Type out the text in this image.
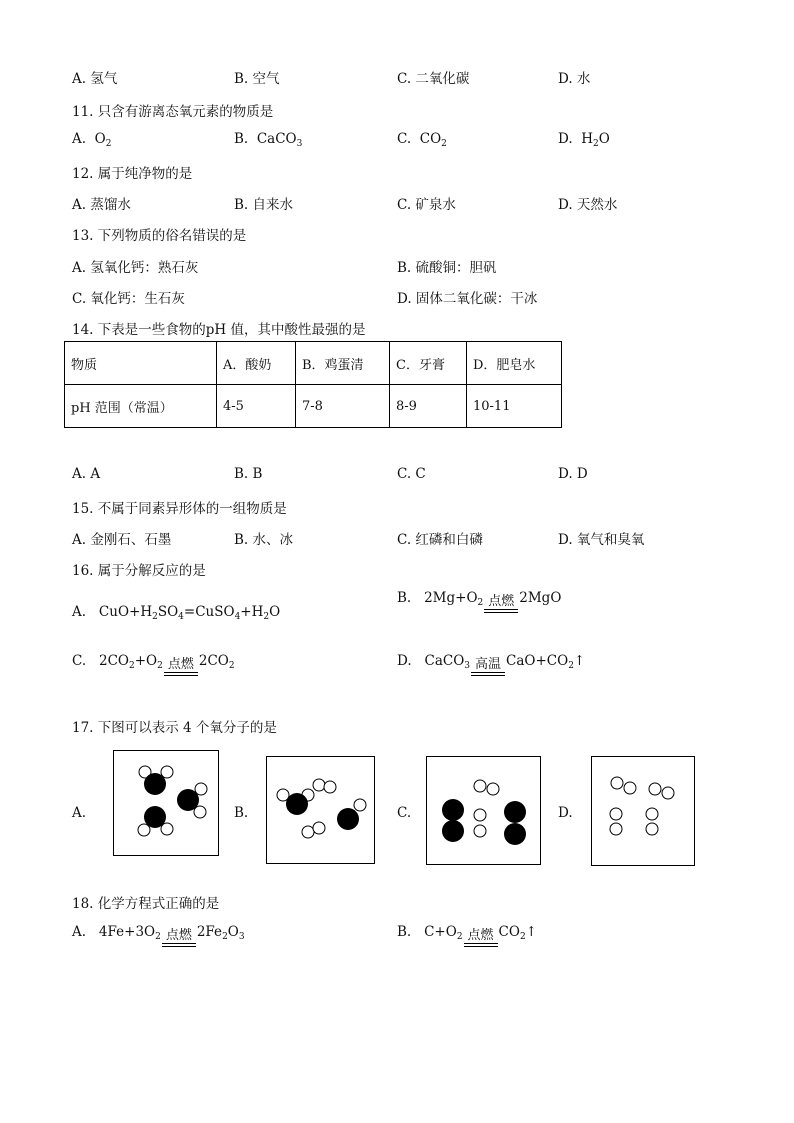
A. 氢气	B. 空气	C. 二氧化碳	D. 水
11. 只含有游离态氧元素的物质是
A. $O_2$	B. CaCO$_3$	C. $CO_2$	D. $H_2O$
12. 属于纯净物的是
A. 蒸馏水	B. 自来水	C. 矿泉水	D. 天然水
13. 下列物质的俗名错误的是
A. 氢氧化钙：熟石灰	B. 硫酸铜：胆矾
C. 氧化钙：生石灰	D. 固体二氧化碳：干冰
14. 下表是一些食物的pH 值，其中酸性最强的是
物质	A．酸奶	B．鸡蛋清	C．牙膏	D．肥皂水
pH 范围（常温）	4-5	7-8	8-9	10-11
A. A	B. B	C. C	D. D
15. 不属于同素异形体的一组物质是
A. 金刚石、石墨	B. 水、冰	C. 红磷和白磷	D. 氧气和臭氧
16. 属于分解反应的是
A.   $CuO+H_2SO_4=CuSO_4+H_2O$
B.   $2Mg+O_2$ 点燃 2MgO
C.   $2CO_2+O_2$ 点燃 $2CO_2$	D.   CaCO$_3$ 高温 $CaO+CO_2↑$
17. 下图可以表示 4 个氧分子的是
A.	B.	C.	D.
18. 化学方程式正确的是
A.   $4Fe+3O_2$ 点燃 $2Fe_2O_3$	B.   $C+O_2$ 点燃 $CO_2↑$
